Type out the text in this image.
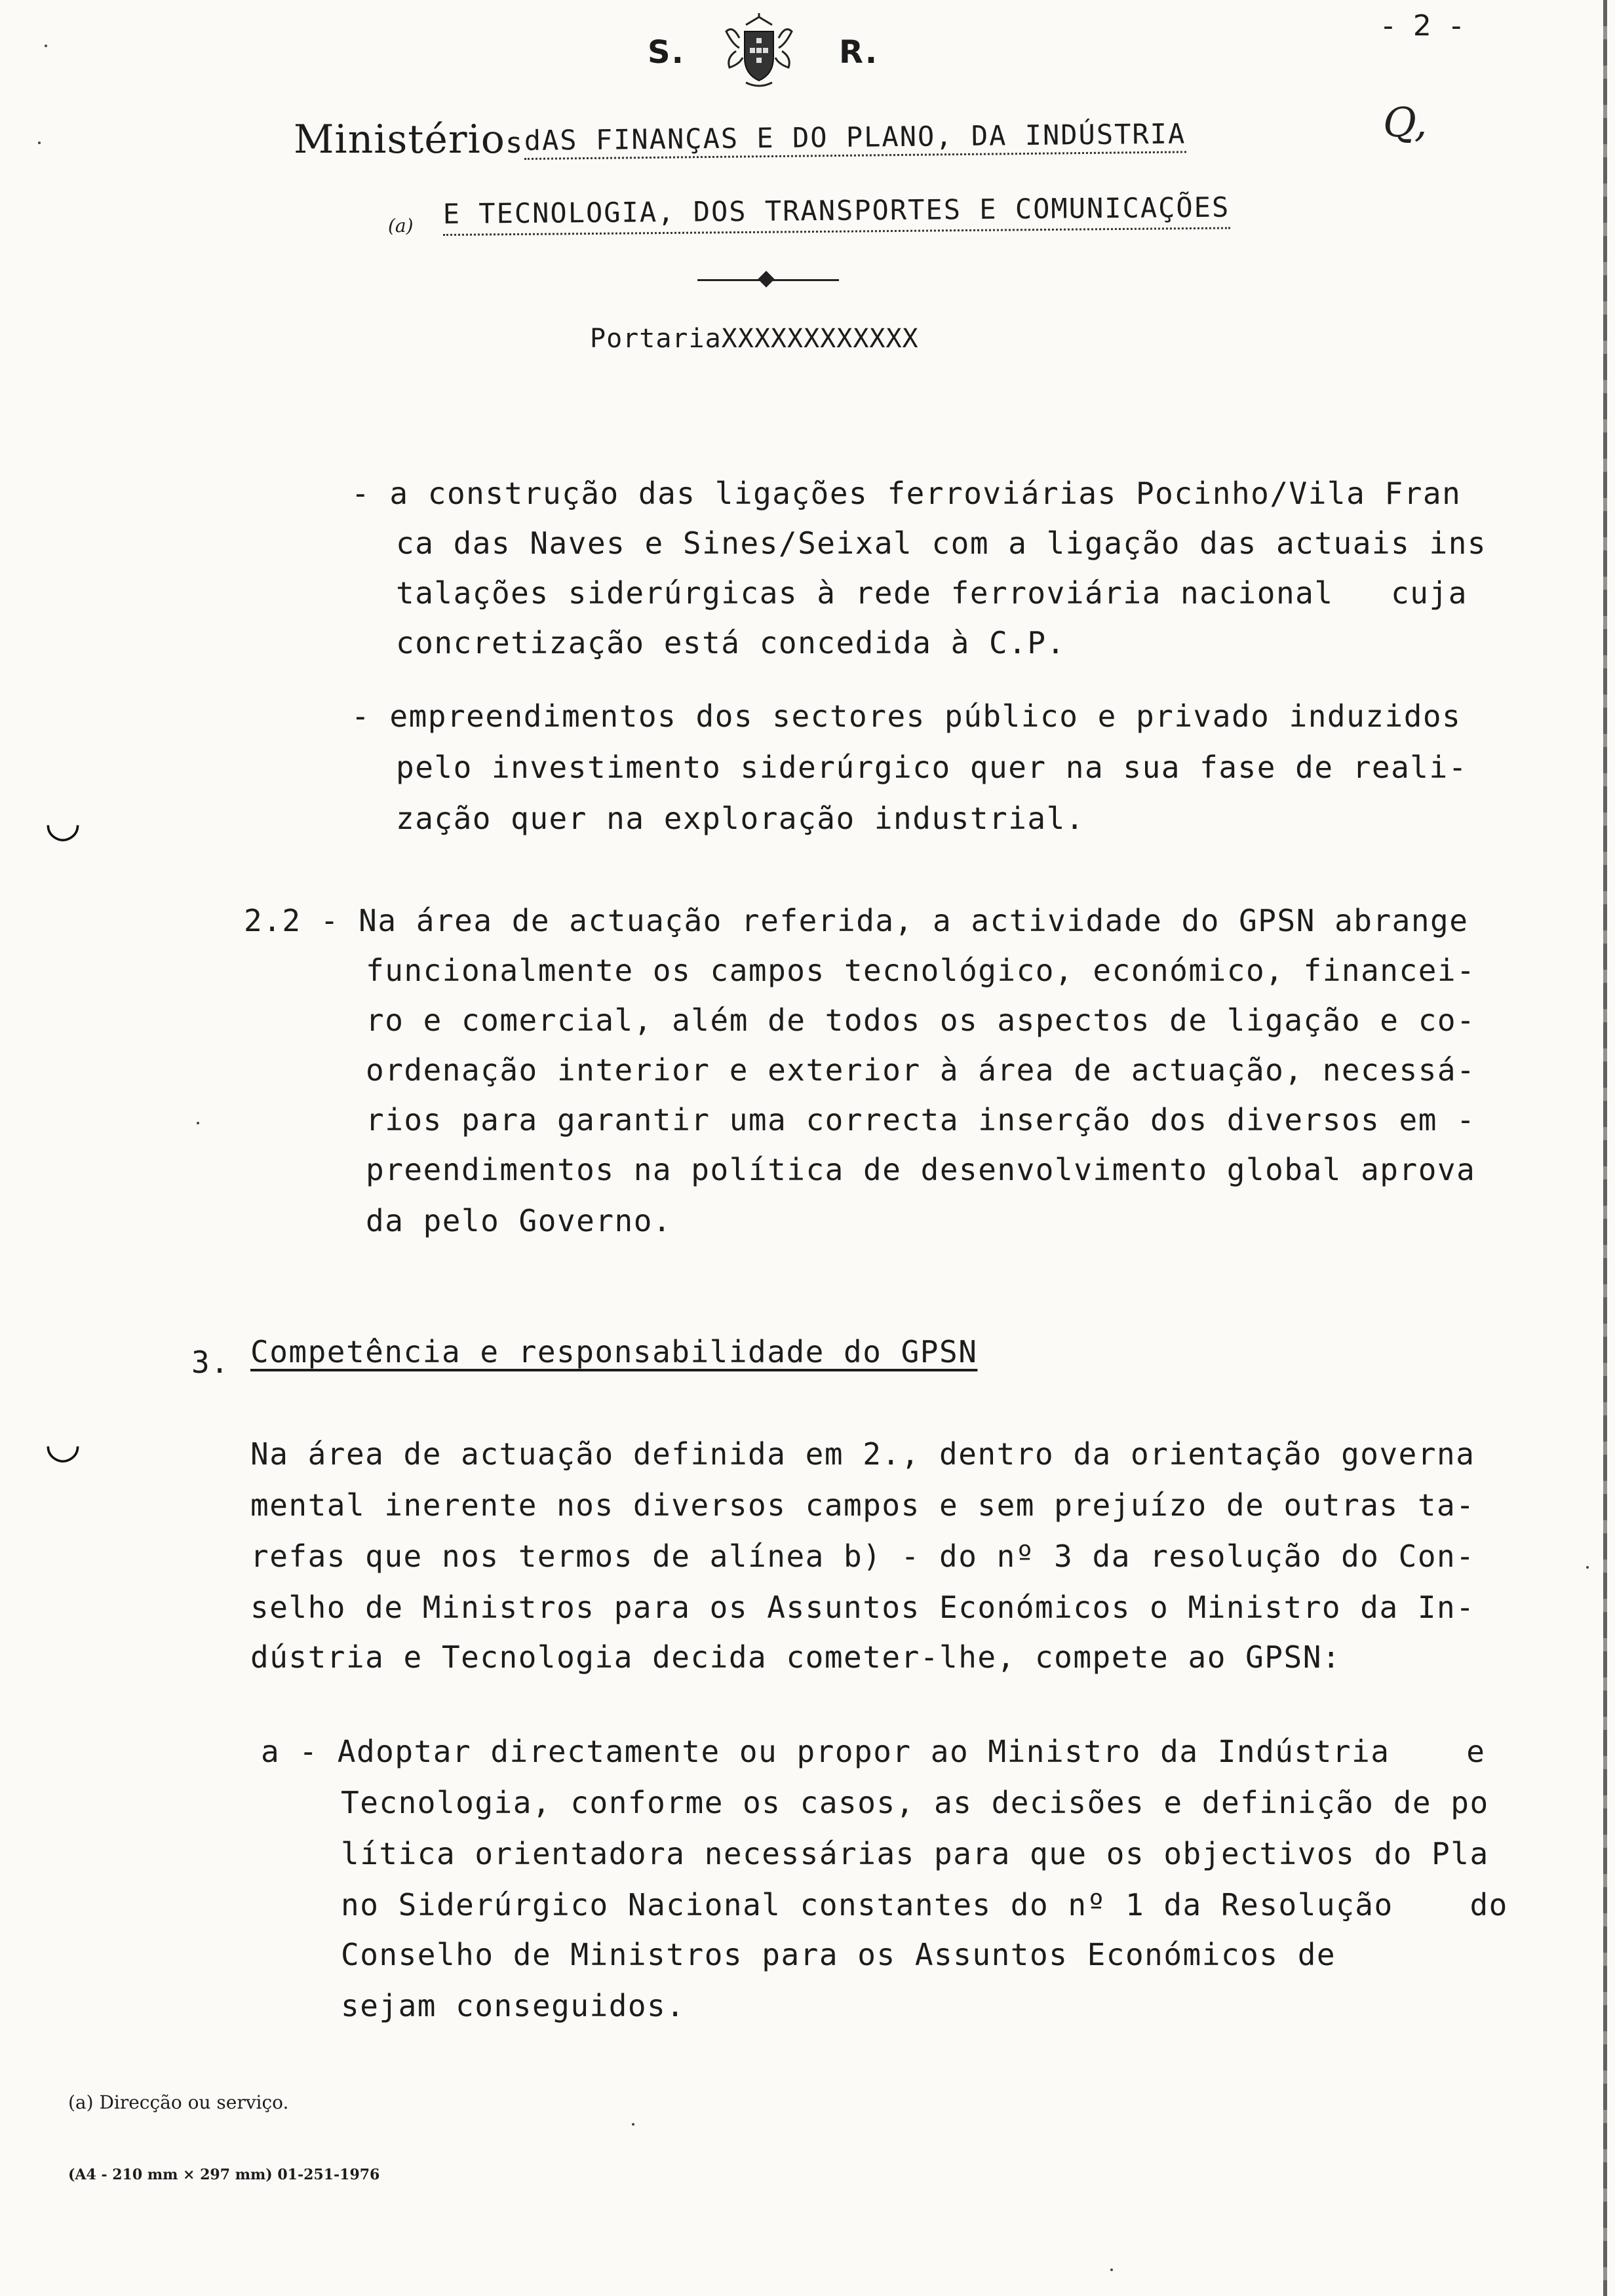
S.	R.
- 2 -
Q,
Ministérios dAS FINANÇAS E DO PLANO, DA INDÚSTRIA
(a) E TECNOLOGIA, DOS TRANSPORTES E COMUNICAÇÕES
PortariaXXXXXXXXXXXX
- a construção das ligações ferroviárias Pocinho/Vila Fran
ca das Naves e Sines/Seixal com a ligação das actuais ins
talações siderúrgicas à rede ferroviária nacional   cuja
concretização está concedida à C.P.
- empreendimentos dos sectores público e privado induzidos
pelo investimento siderúrgico quer na sua fase de reali-
zação quer na exploração industrial.
◡
2.2 - Na área de actuação referida, a actividade do GPSN abrange
funcionalmente os campos tecnológico, económico, financei-
ro e comercial, além de todos os aspectos de ligação e co-
ordenação interior e exterior à área de actuação, necessá-
rios para garantir uma correcta inserção dos diversos em -
preendimentos na política de desenvolvimento global aprova
da pelo Governo.
3. Competência e responsabilidade do GPSN
◡	Na área de actuação definida em 2., dentro da orientação governa
mental inerente nos diversos campos e sem prejuízo de outras ta-
refas que nos termos de alínea b) - do nº 3 da resolução do Con-
selho de Ministros para os Assuntos Económicos o Ministro da In-
dústria e Tecnologia decida cometer-lhe, compete ao GPSN:
a - Adoptar directamente ou propor ao Ministro da Indústria    e
Tecnologia, conforme os casos, as decisões e definição de po
lítica orientadora necessárias para que os objectivos do Pla
no Siderúrgico Nacional constantes do nº 1 da Resolução    do
Conselho de Ministros para os Assuntos Económicos de
sejam conseguidos.
(a) Direcção ou serviço.
(A4 - 210 mm × 297 mm) 01-251-1976
